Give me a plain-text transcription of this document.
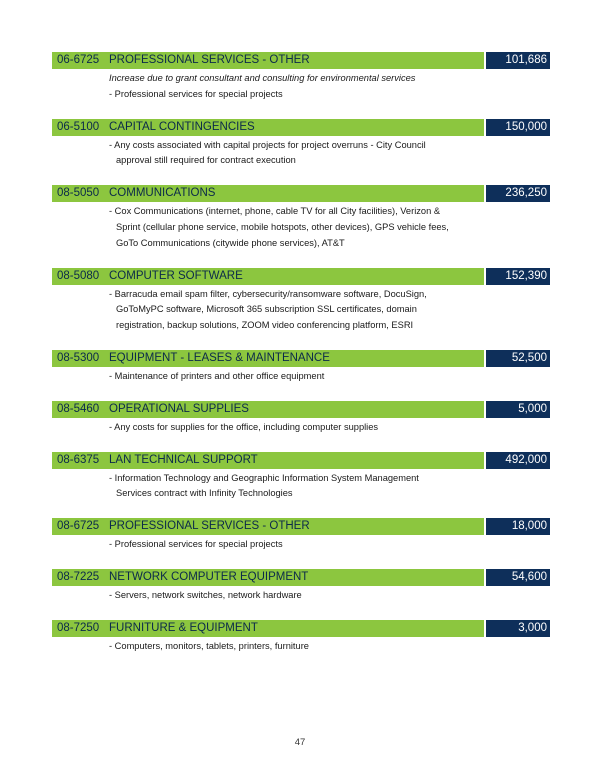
06-6725 PROFESSIONAL SERVICES - OTHER	101,686
Increase due to grant consultant and consulting for environmental services
- Professional services for special projects
06-5100 CAPITAL CONTINGENCIES	150,000
- Any costs associated with capital projects for project overruns - City Council
approval still required for contract execution
08-5050 COMMUNICATIONS	236,250
- Cox Communications (internet, phone, cable TV for all City facilities), Verizon &
Sprint (cellular phone service, mobile hotspots, other devices), GPS vehicle fees,
GoTo Communications (citywide phone services), AT&T
08-5080 COMPUTER SOFTWARE	152,390
- Barracuda email spam filter, cybersecurity/ransomware software, DocuSign,
GoToMyPC software, Microsoft 365 subscription SSL certificates, domain
registration, backup solutions, ZOOM video conferencing platform, ESRI
08-5300 EQUIPMENT - LEASES & MAINTENANCE	52,500
- Maintenance of printers and other office equipment
08-5460 OPERATIONAL SUPPLIES	5,000
- Any costs for supplies for the office, including computer supplies
08-6375 LAN TECHNICAL SUPPORT	492,000
- Information Technology and Geographic Information System Management
Services contract with Infinity Technologies
08-6725 PROFESSIONAL SERVICES - OTHER	18,000
- Professional services for special projects
08-7225 NETWORK COMPUTER EQUIPMENT	54,600
- Servers, network switches, network hardware
08-7250 FURNITURE & EQUIPMENT	3,000
- Computers, monitors, tablets, printers, furniture
47
